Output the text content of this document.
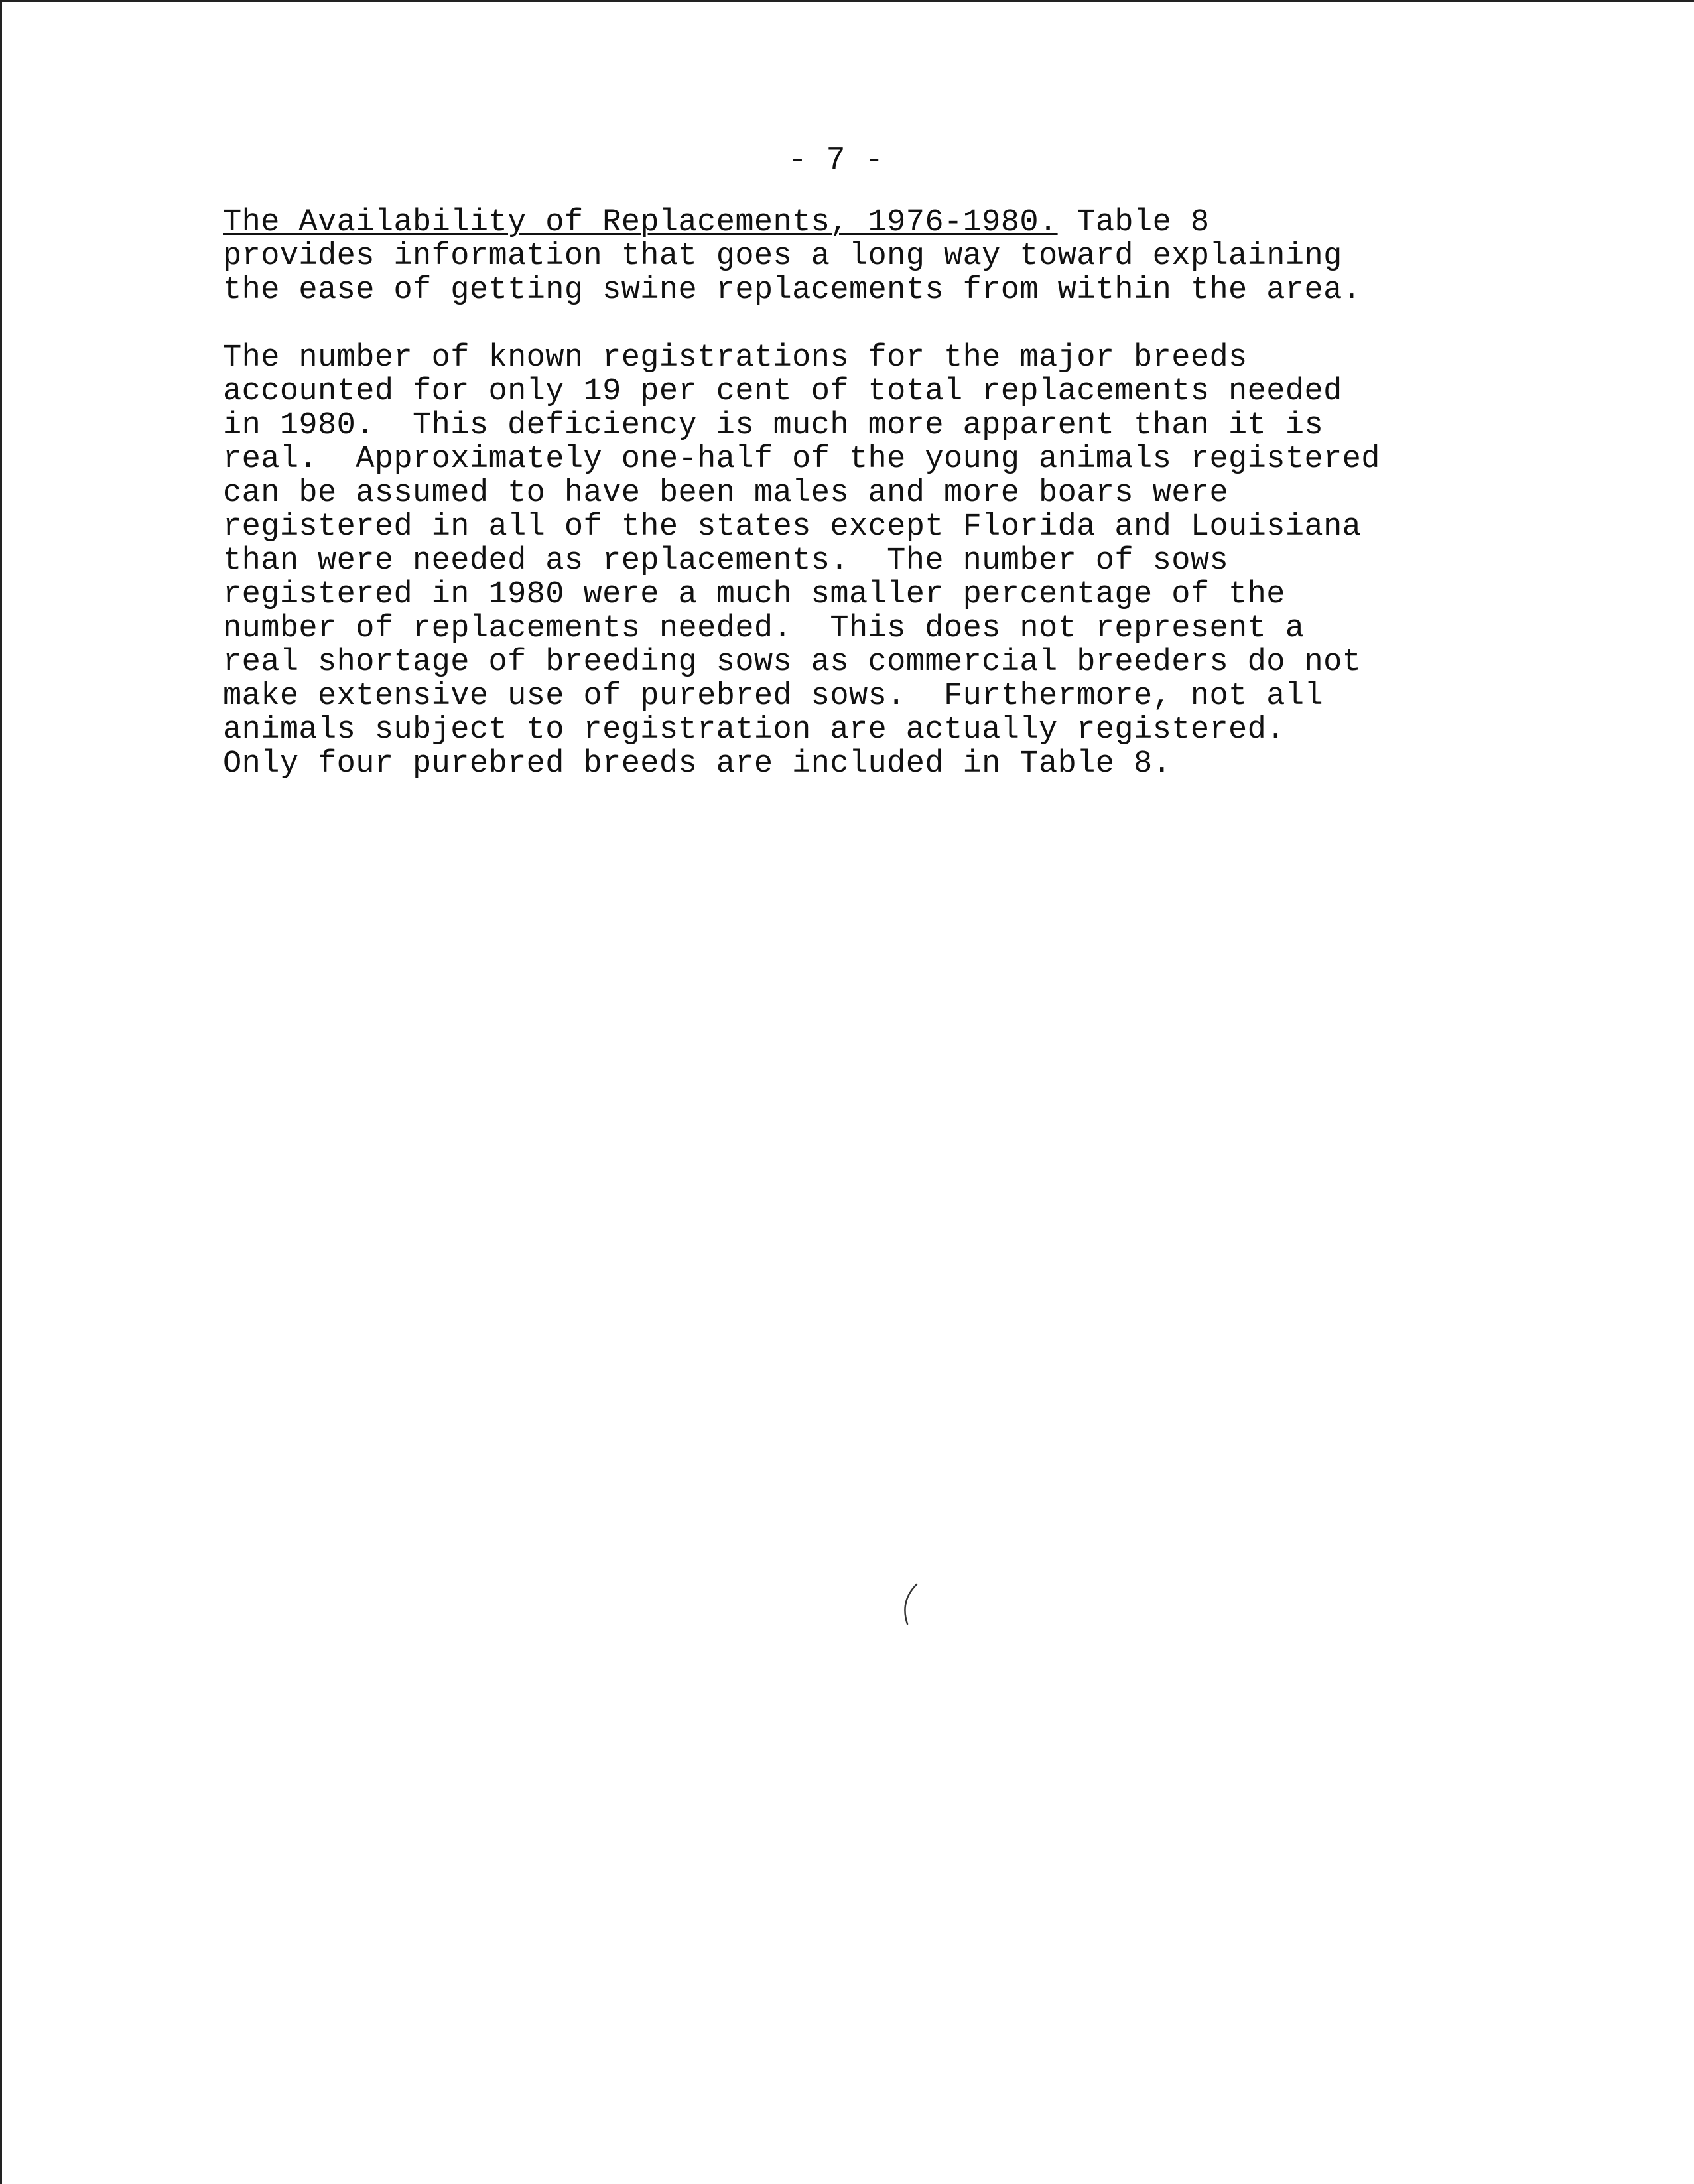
- 7 -
The Availability of Replacements, 1976-1980. Table 8
provides information that goes a long way toward explaining
the ease of getting swine replacements from within the area.
The number of known registrations for the major breeds
accounted for only 19 per cent of total replacements needed
in 1980.  This deficiency is much more apparent than it is
real.  Approximately one-half of the young animals registered
can be assumed to have been males and more boars were
registered in all of the states except Florida and Louisiana
than were needed as replacements.  The number of sows
registered in 1980 were a much smaller percentage of the
number of replacements needed.  This does not represent a
real shortage of breeding sows as commercial breeders do not
make extensive use of purebred sows.  Furthermore, not all
animals subject to registration are actually registered.
Only four purebred breeds are included in Table 8.
